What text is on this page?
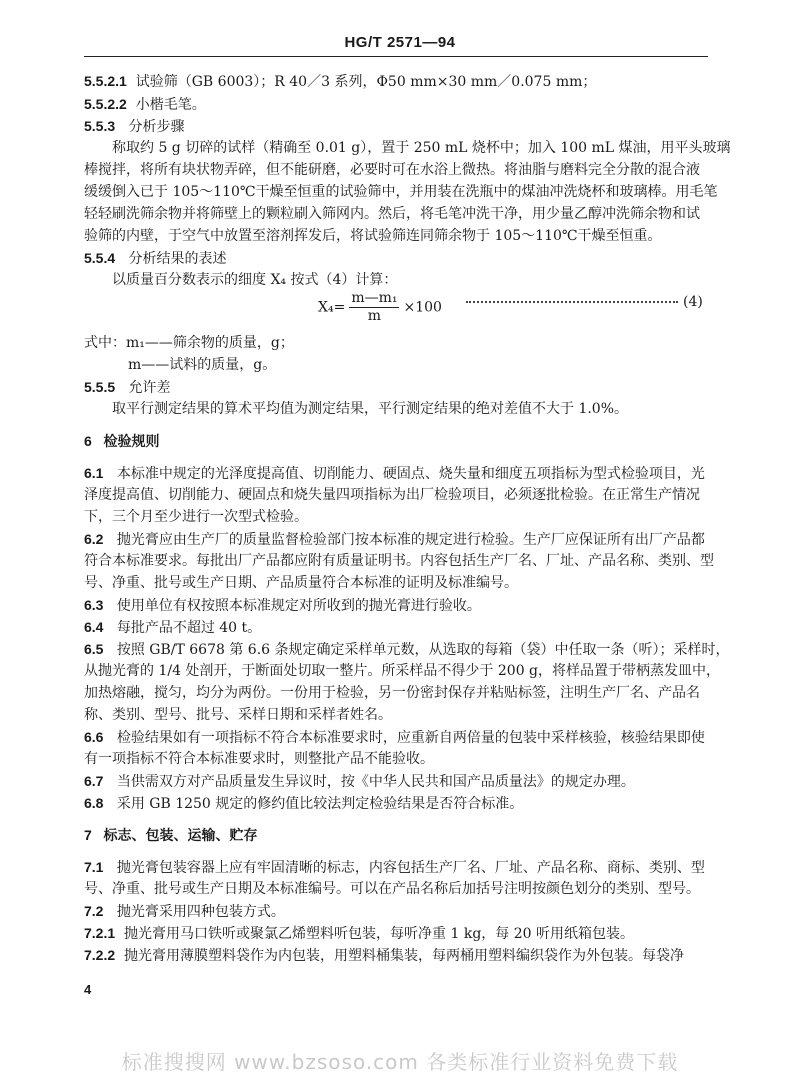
HG/T 2571—94
5.5.2.1 试验筛（GB 6003）；R 40／3 系列，Φ50 mm×30 mm／0.075 mm；
5.5.2.2 小楷毛笔。
5.5.3 分析步骤
称取约 5 g 切碎的试样（精确至 0.01 g），置于 250 mL 烧杯中；加入 100 mL 煤油，用平头玻璃
棒搅拌，将所有块状物弄碎，但不能研磨，必要时可在水浴上微热。将油脂与磨料完全分散的混合液
缓缓倒入已于 105～110℃干燥至恒重的试验筛中，并用装在洗瓶中的煤油冲洗烧杯和玻璃棒。用毛笔
轻轻刷洗筛余物并将筛壁上的颗粒刷入筛网内。然后，将毛笔冲洗干净，用少量乙醇冲洗筛余物和试
验筛的内壁，于空气中放置至溶剂挥发后，将试验筛连同筛余物于 105～110℃干燥至恒重。
5.5.4 分析结果的表述
以质量百分数表示的细度 X₄ 按式（4）计算：
$X_4= \frac{\text{m—m₁}}{m} \times 100$	(4)
式中：m₁——筛余物的质量，g；
m——试料的质量，g。
5.5.5 允许差
取平行测定结果的算术平均值为测定结果，平行测定结果的绝对差值不大于 1.0%。
6 检验规则
6.1 本标准中规定的光泽度提高值、切削能力、硬固点、烧失量和细度五项指标为型式检验项目，光
泽度提高值、切削能力、硬固点和烧失量四项指标为出厂检验项目，必须逐批检验。在正常生产情况
下，三个月至少进行一次型式检验。
6.2 抛光膏应由生产厂的质量监督检验部门按本标准的规定进行检验。生产厂应保证所有出厂产品都
符合本标准要求。每批出厂产品都应附有质量证明书。内容包括生产厂名、厂址、产品名称、类别、型
号、净重、批号或生产日期、产品质量符合本标准的证明及标准编号。
6.3 使用单位有权按照本标准规定对所收到的抛光膏进行验收。
6.4 每批产品不超过 40 t。
6.5 按照 GB/T 6678 第 6.6 条规定确定采样单元数，从选取的每箱（袋）中任取一条（听）；采样时，
从抛光膏的 1/4 处剖开，于断面处切取一整片。所采样品不得少于 200 g，将样品置于带柄蒸发皿中，
加热熔融，搅匀，均分为两份。一份用于检验，另一份密封保存并粘贴标签，注明生产厂名、产品名
称、类别、型号、批号、采样日期和采样者姓名。
6.6 检验结果如有一项指标不符合本标准要求时，应重新自两倍量的包装中采样核验，核验结果即使
有一项指标不符合本标准要求时，则整批产品不能验收。
6.7 当供需双方对产品质量发生异议时，按《中华人民共和国产品质量法》的规定办理。
6.8 采用 GB 1250 规定的修约值比较法判定检验结果是否符合标准。
7 标志、包装、运输、贮存
7.1 抛光膏包装容器上应有牢固清晰的标志，内容包括生产厂名、厂址、产品名称、商标、类别、型
号、净重、批号或生产日期及本标准编号。可以在产品名称后加括号注明按颜色划分的类别、型号。
7.2 抛光膏采用四种包装方式。
7.2.1 抛光膏用马口铁听或聚氯乙烯塑料听包装，每听净重 1 kg，每 20 听用纸箱包装。
7.2.2 抛光膏用薄膜塑料袋作为内包装，用塑料桶集装，每两桶用塑料编织袋作为外包装。每袋净
4
标准搜搜网 www.bzsoso.com 各类标准行业资料免费下载
